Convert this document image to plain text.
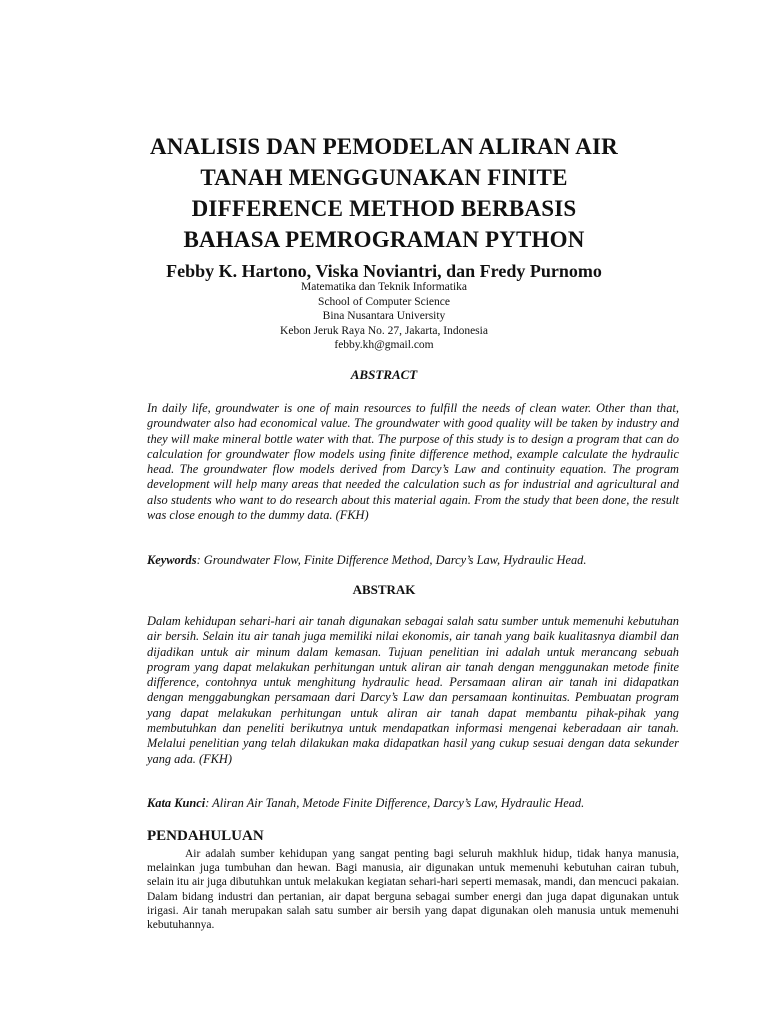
ANALISIS DAN PEMODELAN ALIRAN AIR
TANAH MENGGUNAKAN FINITE
DIFFERENCE METHOD BERBASIS
BAHASA PEMROGRAMAN PYTHON
Febby K. Hartono, Viska Noviantri, dan Fredy Purnomo
Matematika dan Teknik Informatika
School of Computer Science
Bina Nusantara University
Kebon Jeruk Raya No. 27, Jakarta, Indonesia
febby.kh@gmail.com
ABSTRACT

In daily life, groundwater is one of main resources to fulfill the needs of clean water. Other than that, groundwater also had economical value. The groundwater with good quality will be taken by industry and they will make mineral bottle water with that. The purpose of this study is to design a program that can do calculation for groundwater flow models using finite difference method, example calculate the hydraulic head. The groundwater flow models derived from Darcy’s Law and continuity equation. The program development will help many areas that needed the calculation such as for industrial and agricultural and also students who want to do research about this material again. From the study that been done, the result was close enough to the dummy data. (FKH)

Keywords: Groundwater Flow, Finite Difference Method, Darcy’s Law, Hydraulic Head.

ABSTRAK

Dalam kehidupan sehari-hari air tanah digunakan sebagai salah satu sumber untuk memenuhi kebutuhan air bersih. Selain itu air tanah juga memiliki nilai ekonomis, air tanah yang baik kualitasnya diambil dan dijadikan untuk air minum dalam kemasan. Tujuan penelitian ini adalah untuk merancang sebuah program yang dapat melakukan perhitungan untuk aliran air tanah dengan menggunakan metode finite difference, contohnya untuk menghitung hydraulic head. Persamaan aliran air tanah ini didapatkan dengan menggabungkan persamaan dari Darcy’s Law dan persamaan kontinuitas. Pembuatan program yang dapat melakukan perhitungan untuk aliran air tanah dapat membantu pihak-pihak yang membutuhkan dan peneliti berikutnya untuk mendapatkan informasi mengenai keberadaan air tanah. Melalui penelitian yang telah dilakukan maka didapatkan hasil yang cukup sesuai dengan data sekunder yang ada. (FKH)

Kata Kunci: Aliran Air Tanah, Metode Finite Difference, Darcy’s Law, Hydraulic Head.

PENDAHULUAN

Air adalah sumber kehidupan yang sangat penting bagi seluruh makhluk hidup, tidak hanya manusia, melainkan juga tumbuhan dan hewan. Bagi manusia, air digunakan untuk memenuhi kebutuhan cairan tubuh, selain itu air juga dibutuhkan untuk melakukan kegiatan sehari-hari seperti memasak, mandi, dan mencuci pakaian. Dalam bidang industri dan pertanian, air dapat berguna sebagai sumber energi dan juga dapat digunakan untuk irigasi. Air tanah merupakan salah satu sumber air bersih yang dapat digunakan oleh manusia untuk memenuhi kebutuhannya.
